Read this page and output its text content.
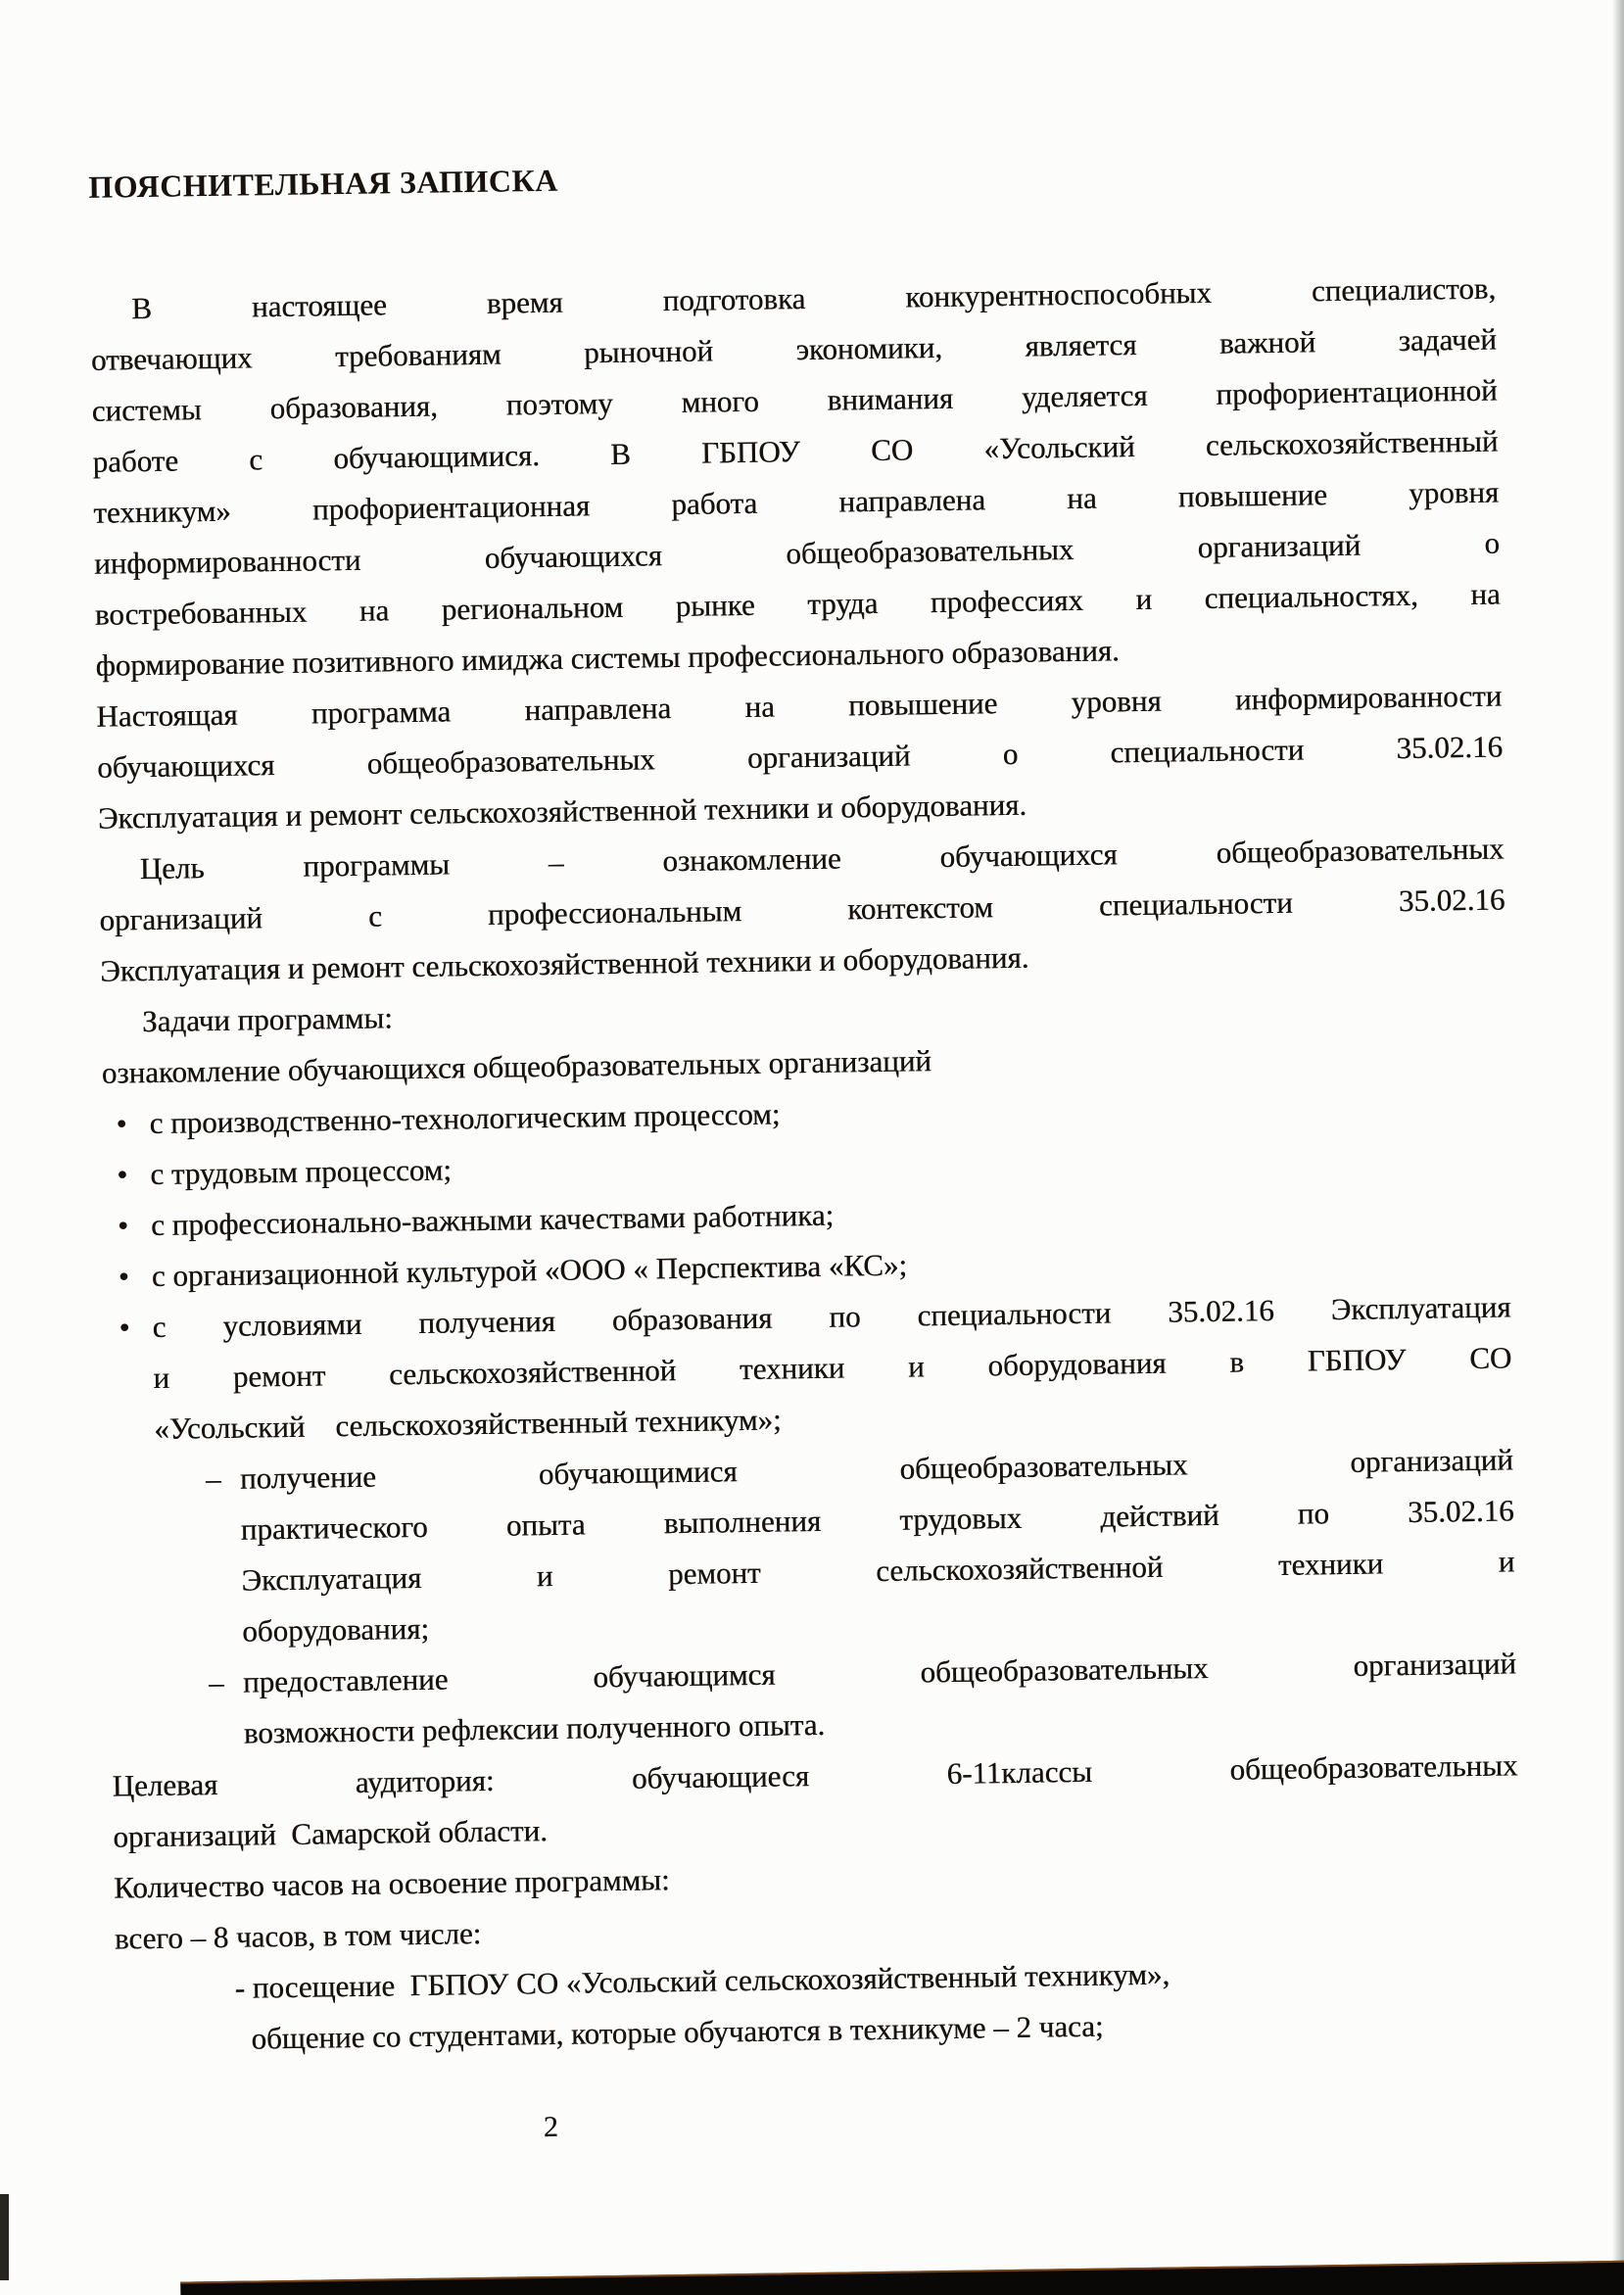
ПОЯСНИТЕЛЬНАЯ ЗАПИСКА

В настоящее время подготовка конкурентноспособных специалистов,

отвечающих требованиям рыночной экономики, является важной задачей

системы образования, поэтому много внимания уделяется профориентационной

работе с обучающимися. В ГБПОУ СО «Усольский сельскохозяйственный

техникум» профориентационная работа направлена на повышение уровня

информированности обучающихся общеобразовательных организаций о

востребованных на региональном рынке труда профессиях и специальностях, на

формирование позитивного имиджа системы профессионального образования.

Настоящая программа направлена на повышение уровня информированности

обучающихся общеобразовательных организаций о специальности 35.02.16

Эксплуатация и ремонт сельскохозяйственной техники и оборудования.

Цель программы – ознакомление обучающихся общеобразовательных

организаций с профессиональным контекстом специальности 35.02.16

Эксплуатация и ремонт сельскохозяйственной техники и оборудования.

Задачи программы:

ознакомление обучающихся общеобразовательных организаций

• с производственно-технологическим процессом;

• с трудовым процессом;

• с профессионально-важными качествами работника;

• с организационной культурой «ООО « Перспектива «КС»;

• с условиями получения образования по специальности 35.02.16 Эксплуатация

и ремонт сельскохозяйственной техники и оборудования в ГБПОУ СО

«Усольский    сельскохозяйственный техникум»;

– получение обучающимися общеобразовательных организаций

практического опыта выполнения трудовых действий по 35.02.16

Эксплуатация и ремонт сельскохозяйственной техники и

оборудования;

– предоставление обучающимся общеобразовательных организаций

возможности рефлексии полученного опыта.

Целевая аудитория: обучающиеся 6-11классы общеобразовательных

организаций  Самарской области.

Количество часов на освоение программы:

всего – 8 часов, в том числе:

- посещение  ГБПОУ СО «Усольский сельскохозяйственный техникум»,

общение со студентами, которые обучаются в техникуме – 2 часа;

2
